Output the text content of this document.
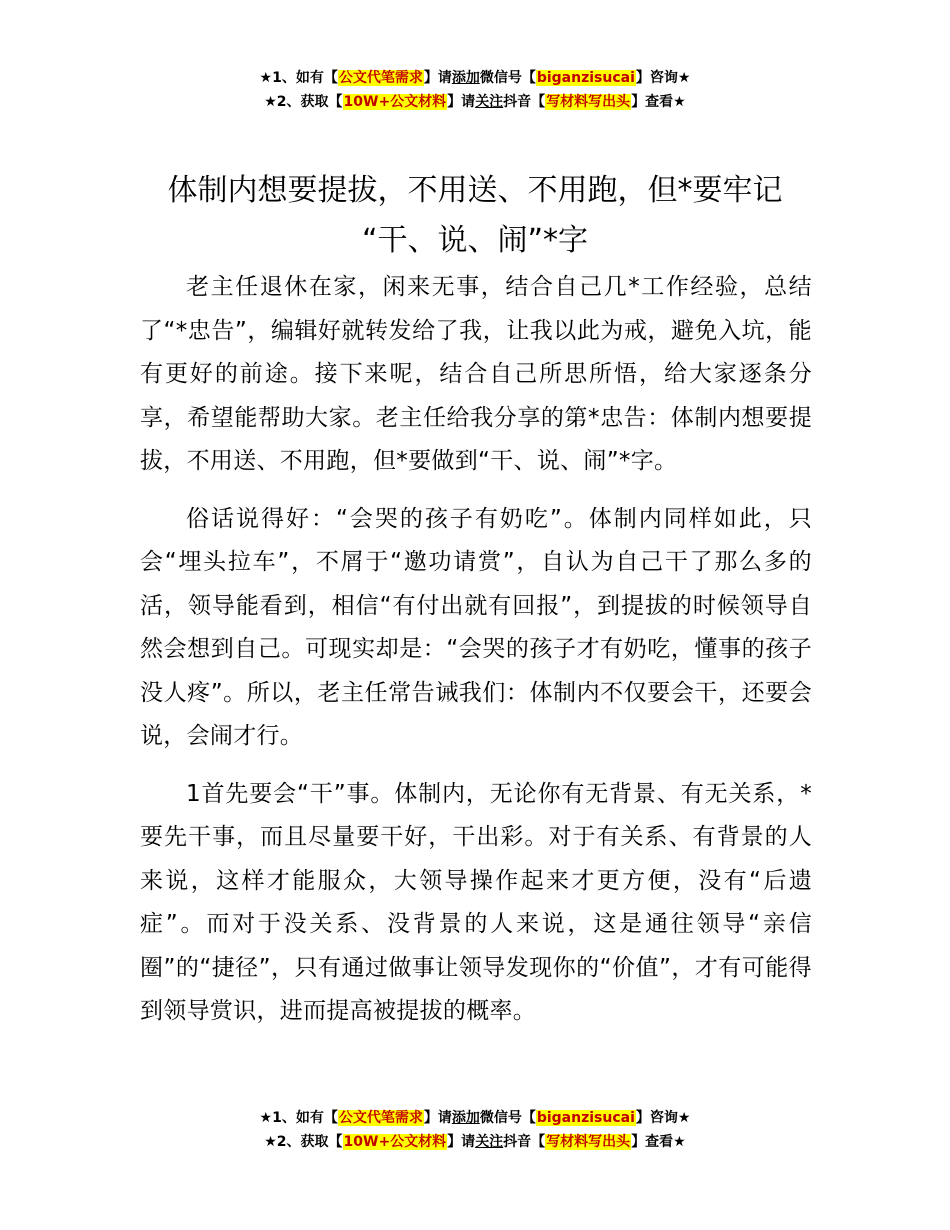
★1、如有【公文代笔需求】请添加微信号【biganzisucai】咨询★
★2、获取【10W+公文材料】请关注抖音【写材料写出头】查看★
体制内想要提拔，不用送、不用跑，但*要牢记
“干、说、闹”*字

老主任退休在家，闲来无事，结合自己几*工作经验，总结了“*忠告”，编辑好就转发给了我，让我以此为戒，避免入坑，能有更好的前途。接下来呢，结合自己所思所悟，给大家逐条分享，希望能帮助大家。老主任给我分享的第*忠告：体制内想要提拔，不用送、不用跑，但*要做到“干、说、闹”*字。

俗话说得好：“会哭的孩子有奶吃”。体制内同样如此，只会“埋头拉车”，不屑于“邀功请赏”，自认为自己干了那么多的活，领导能看到，相信“有付出就有回报”，到提拔的时候领导自然会想到自己。可现实却是：“会哭的孩子才有奶吃，懂事的孩子没人疼”。所以，老主任常告诫我们：体制内不仅要会干，还要会说，会闹才行。

1首先要会“干”事。体制内，无论你有无背景、有无关系，*要先干事，而且尽量要干好，干出彩。对于有关系、有背景的人来说，这样才能服众，大领导操作起来才更方便，没有“后遗症”。而对于没关系、没背景的人来说，这是通往领导“亲信圈”的“捷径”，只有通过做事让领导发现你的“价值”，才有可能得到领导赏识，进而提高被提拔的概率。

★1、如有【公文代笔需求】请添加微信号【biganzisucai】咨询★
★2、获取【10W+公文材料】请关注抖音【写材料写出头】查看★
